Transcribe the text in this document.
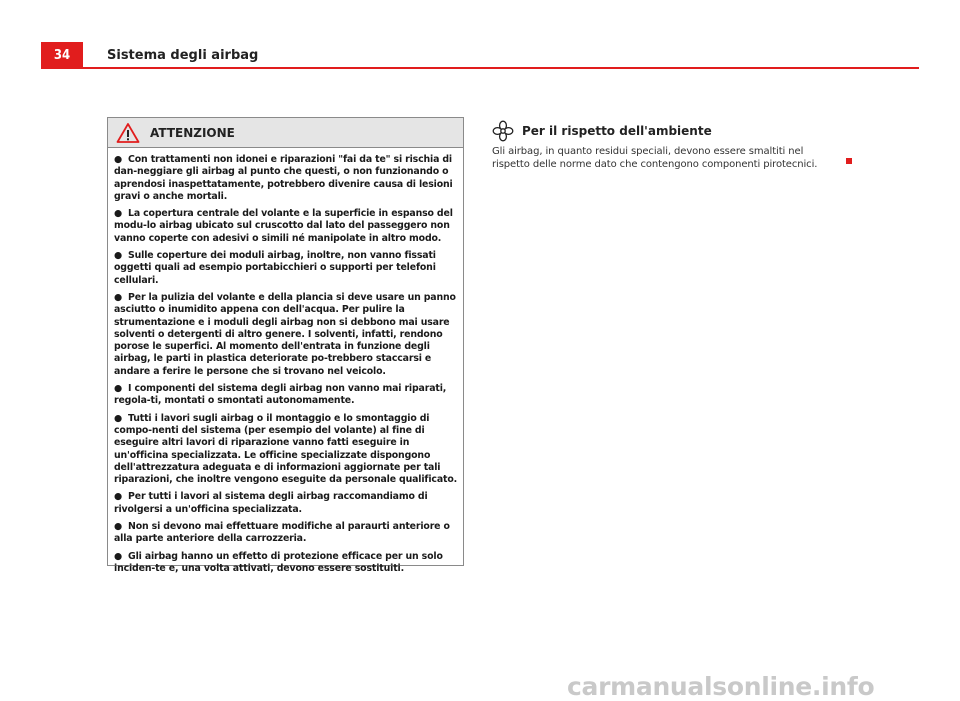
34	Sistema degli airbag
ATTENZIONE

● Con trattamenti non idonei e riparazioni "fai da te" si rischia di dan-neggiare gli airbag al punto che questi, o non funzionando o aprendosi inaspettatamente, potrebbero divenire causa di lesioni gravi o anche mortali.

● La copertura centrale del volante e la superficie in espanso del modu-lo airbag ubicato sul cruscotto dal lato del passeggero non vanno coperte con adesivi o simili né manipolate in altro modo.

● Sulle coperture dei moduli airbag, inoltre, non vanno fissati oggetti quali ad esempio portabicchieri o supporti per telefoni cellulari.

● Per la pulizia del volante e della plancia si deve usare un panno asciutto o inumidito appena con dell'acqua. Per pulire la strumentazione e i moduli degli airbag non si debbono mai usare solventi o detergenti di altro genere. I solventi, infatti, rendono porose le superfici. Al momento dell'entrata in funzione degli airbag, le parti in plastica deteriorate po-trebbero staccarsi e andare a ferire le persone che si trovano nel veicolo.

● I componenti del sistema degli airbag non vanno mai riparati, regola-ti, montati o smontati autonomamente.

● Tutti i lavori sugli airbag o il montaggio e lo smontaggio di compo-nenti del sistema (per esempio del volante) al fine di eseguire altri lavori di riparazione vanno fatti eseguire in un'officina specializzata. Le officine specializzate dispongono dell'attrezzatura adeguata e di informazioni aggiornate per tali riparazioni, che inoltre vengono eseguite da personale qualificato.

● Per tutti i lavori al sistema degli airbag raccomandiamo di rivolgersi a un'officina specializzata.

● Non si devono mai effettuare modifiche al paraurti anteriore o alla parte anteriore della carrozzeria.

● Gli airbag hanno un effetto di protezione efficace per un solo inciden-te e, una volta attivati, devono essere sostituiti.

Per il rispetto dell'ambiente
Gli airbag, in quanto residui speciali, devono essere smaltiti nel rispetto delle norme dato che contengono componenti pirotecnici.
carmanualsonline.info
